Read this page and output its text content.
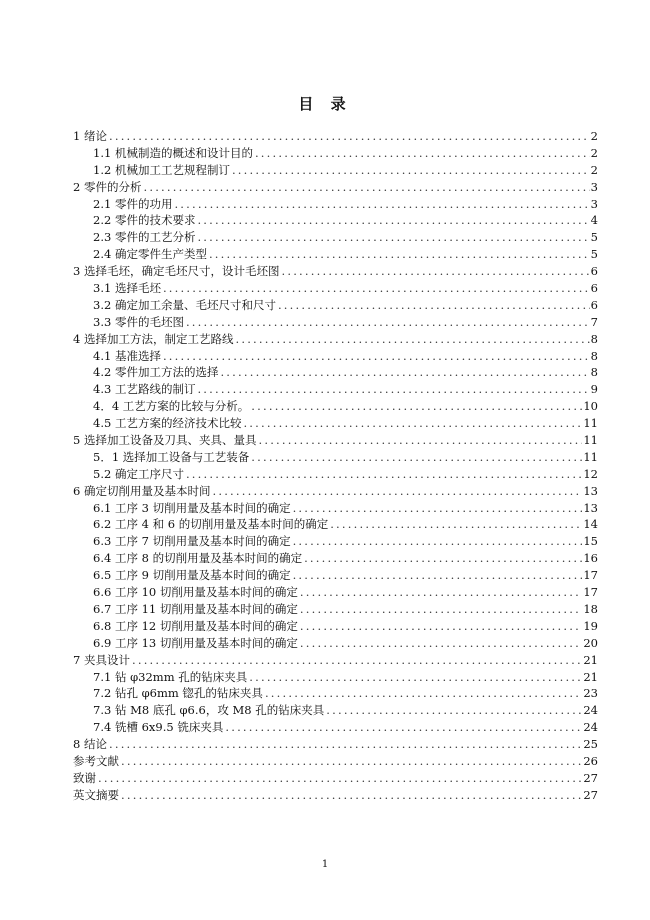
目 录
1 绪论 .....	2
1.1 机械制造的概述和设计目的 .....	2
1.2 机械加工工艺规程制订 .....	2
2 零件的分析 .....	3
2.1 零件的功用 .....	3
2.2 零件的技术要求 .....	4
2.3 零件的工艺分析 .....	5
2.4 确定零件生产类型 .....	5
3 选择毛坯，确定毛坯尺寸，设计毛坯图 .....	6
3.1 选择毛坯 .....	6
3.2 确定加工余量、毛坯尺寸和尺寸 .....	6
3.3 零件的毛坯图 .....	7
4 选择加工方法，制定工艺路线 .....	8
4.1 基准选择 .....	8
4.2 零件加工方法的选择 .....	8
4.3 工艺路线的制订 .....	9
4．4 工艺方案的比较与分析。 .....	10
4.5 工艺方案的经济技术比较 .....	11
5 选择加工设备及刀具、夹具、量具 .....	11
5．1 选择加工设备与工艺装备 .....	11
5.2 确定工序尺寸 .....	12
6 确定切削用量及基本时间 .....	13
6.1 工序 3 切削用量及基本时间的确定 .....	13
6.2 工序 4 和 6 的切削用量及基本时间的确定 .....	14
6.3 工序 7 切削用量及基本时间的确定 .....	15
6.4 工序 8 的切削用量及基本时间的确定 .....	16
6.5 工序 9 切削用量及基本时间的确定 .....	17
6.6 工序 10 切削用量及基本时间的确定 .....	17
6.7 工序 11 切削用量及基本时间的确定 .....	18
6.8 工序 12 切削用量及基本时间的确定 .....	19
6.9 工序 13 切削用量及基本时间的确定 .....	20
7 夹具设计 .....	21
7.1 钻 φ32mm 孔的钻床夹具 .....	21
7.2 钻孔 φ6mm 锪孔的钻床夹具 .....	23
7.3 钻 M8 底孔 φ6.6，攻 M8 孔的钻床夹具 .....	24
7.4 铣槽 6x9.5 铣床夹具 .....	24
8 结论 .....	25
参考文献 .....	26
致谢 .....	27
英文摘要 .....	27
1
